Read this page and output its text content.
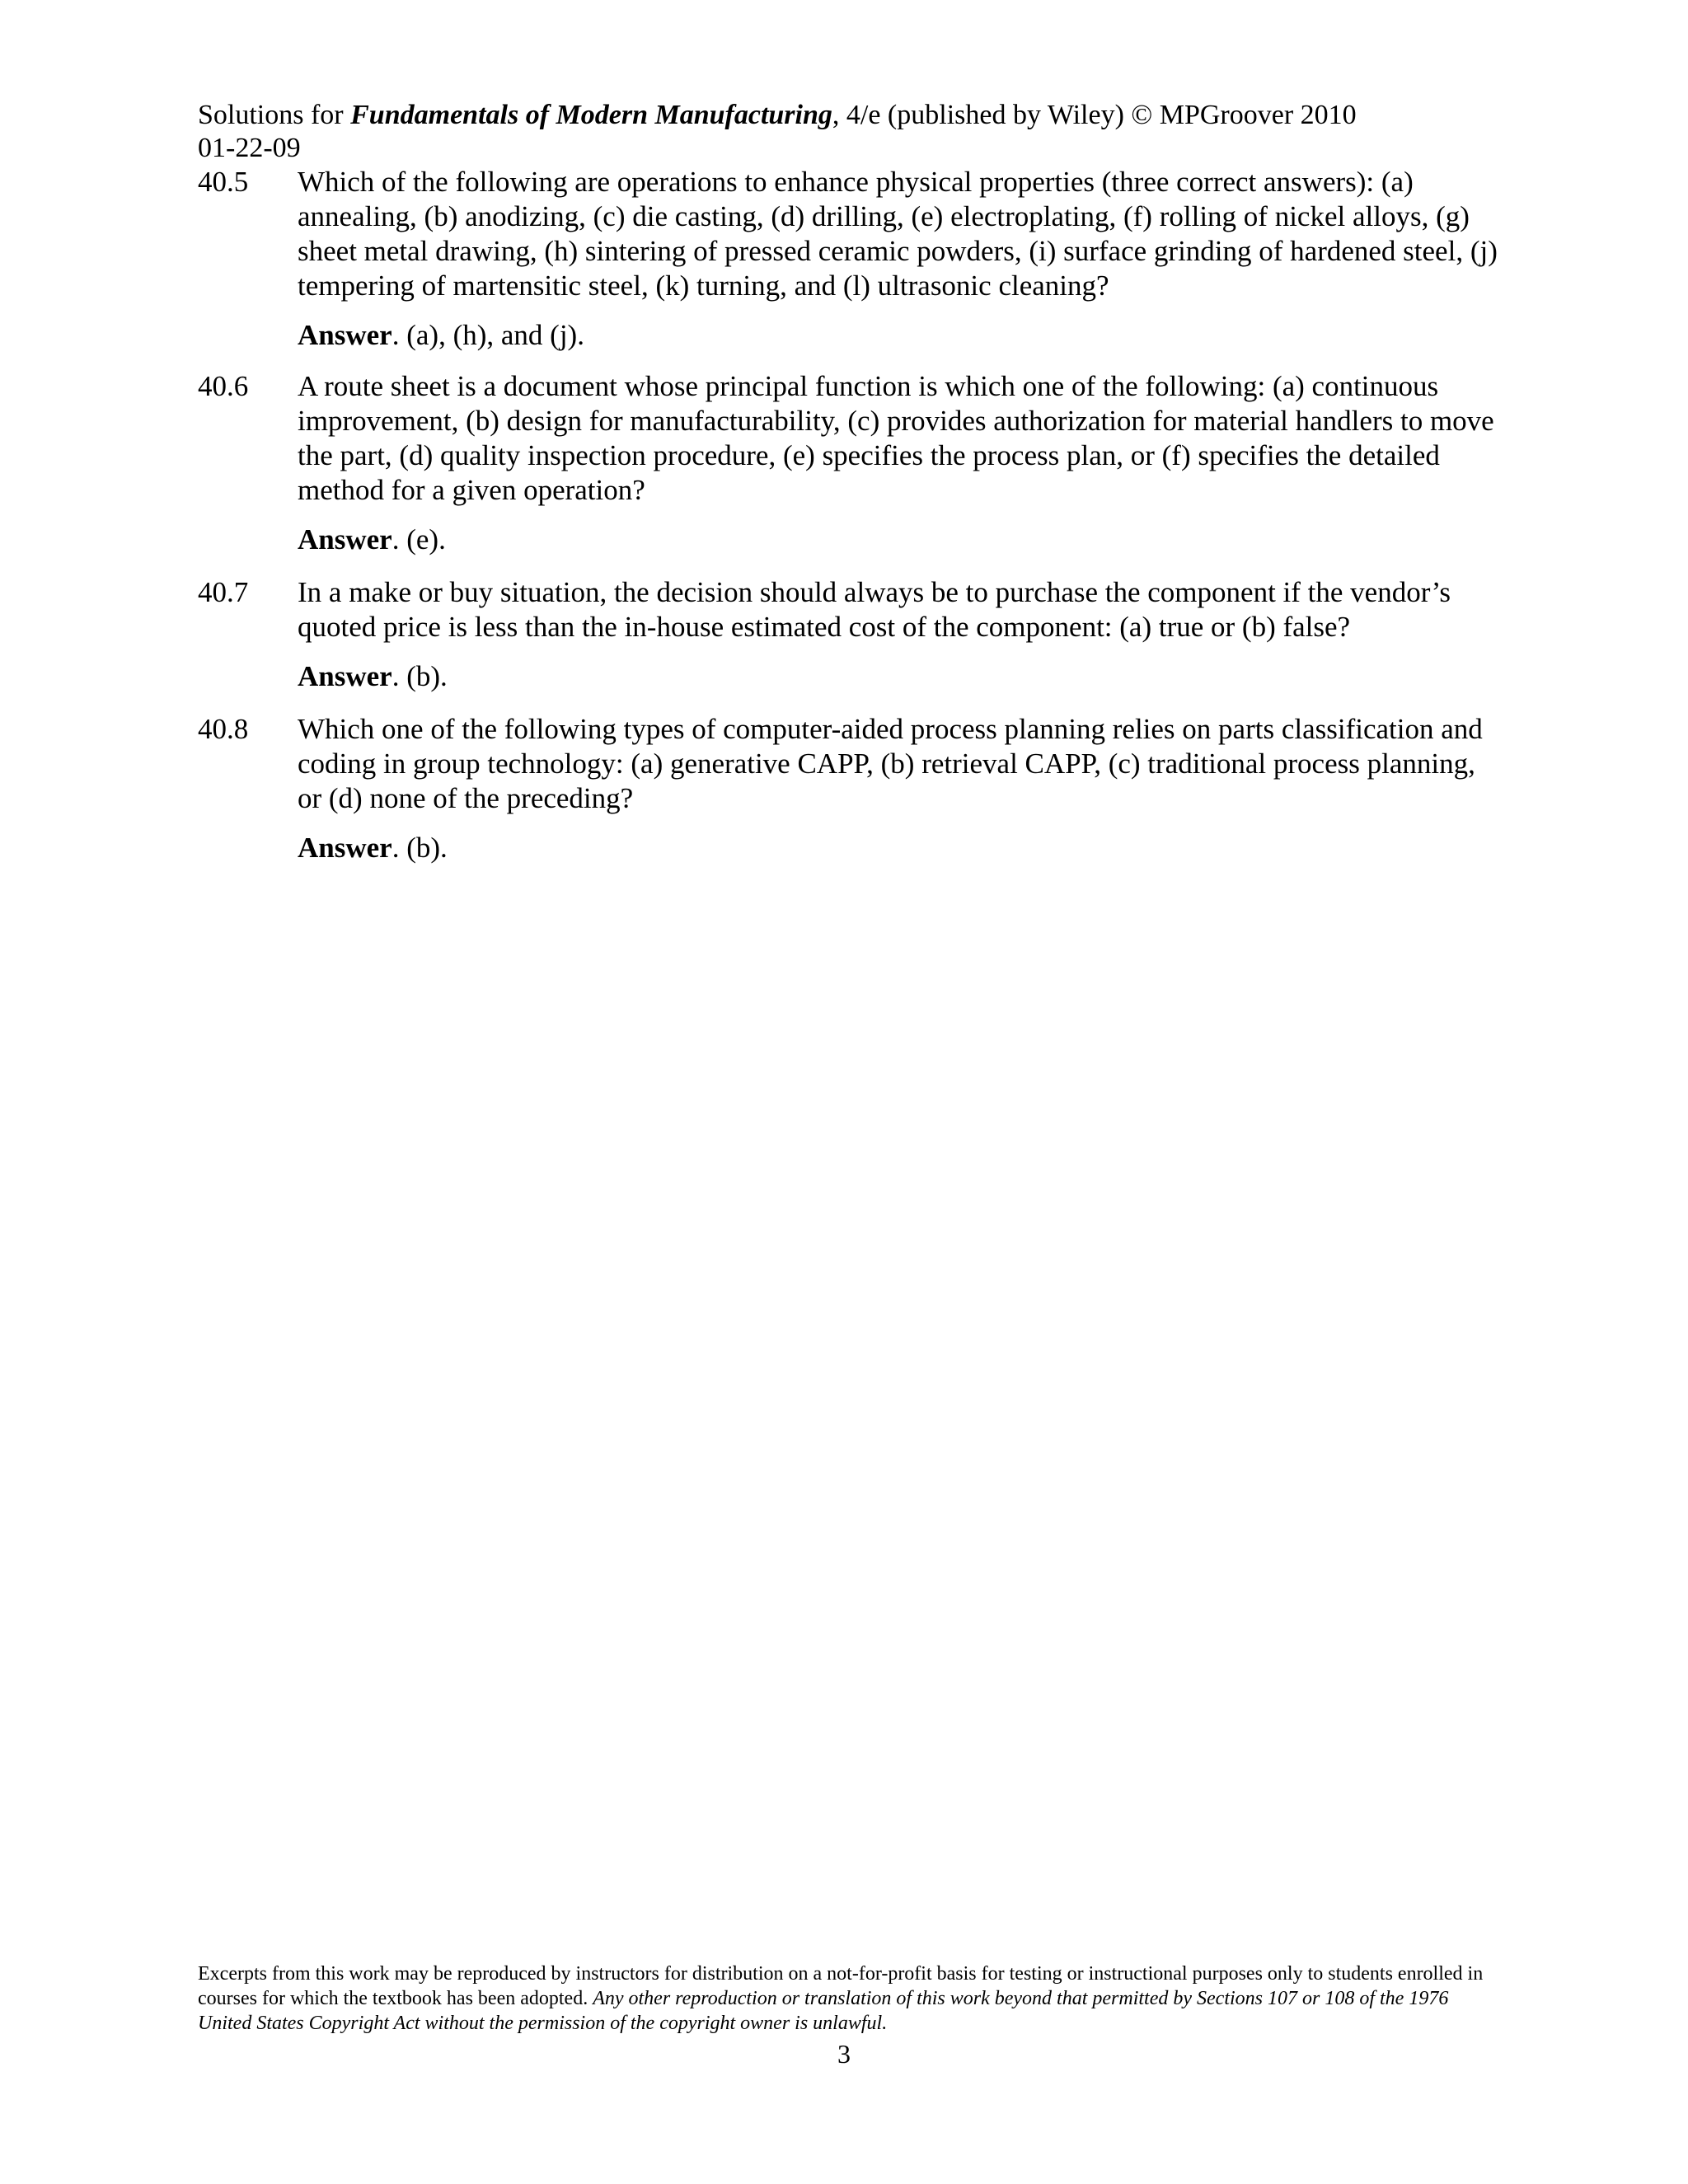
Solutions for Fundamentals of Modern Manufacturing, 4/e (published by Wiley) © MPGroover 2010
01-22-09
40.5	Which of the following are operations to enhance physical properties (three correct answers): (a) annealing, (b) anodizing, (c) die casting, (d) drilling, (e) electroplating, (f) rolling of nickel alloys, (g) sheet metal drawing, (h) sintering of pressed ceramic powders, (i) surface grinding of hardened steel, (j) tempering of martensitic steel, (k) turning, and (l) ultrasonic cleaning?
Answer. (a), (h), and (j).
40.6	A route sheet is a document whose principal function is which one of the following: (a) continuous improvement, (b) design for manufacturability, (c) provides authorization for material handlers to move the part, (d) quality inspection procedure, (e) specifies the process plan, or (f) specifies the detailed method for a given operation?
Answer. (e).
40.7	In a make or buy situation, the decision should always be to purchase the component if the vendor’s quoted price is less than the in-house estimated cost of the component: (a) true or (b) false?
Answer. (b).
40.8	Which one of the following types of computer-aided process planning relies on parts classification and coding in group technology: (a) generative CAPP, (b) retrieval CAPP, (c) traditional process planning, or (d) none of the preceding?
Answer. (b).
Excerpts from this work may be reproduced by instructors for distribution on a not-for-profit basis for testing or instructional purposes only to students enrolled in courses for which the textbook has been adopted. Any other reproduction or translation of this work beyond that permitted by Sections 107 or 108 of the 1976 United States Copyright Act without the permission of the copyright owner is unlawful.
3
